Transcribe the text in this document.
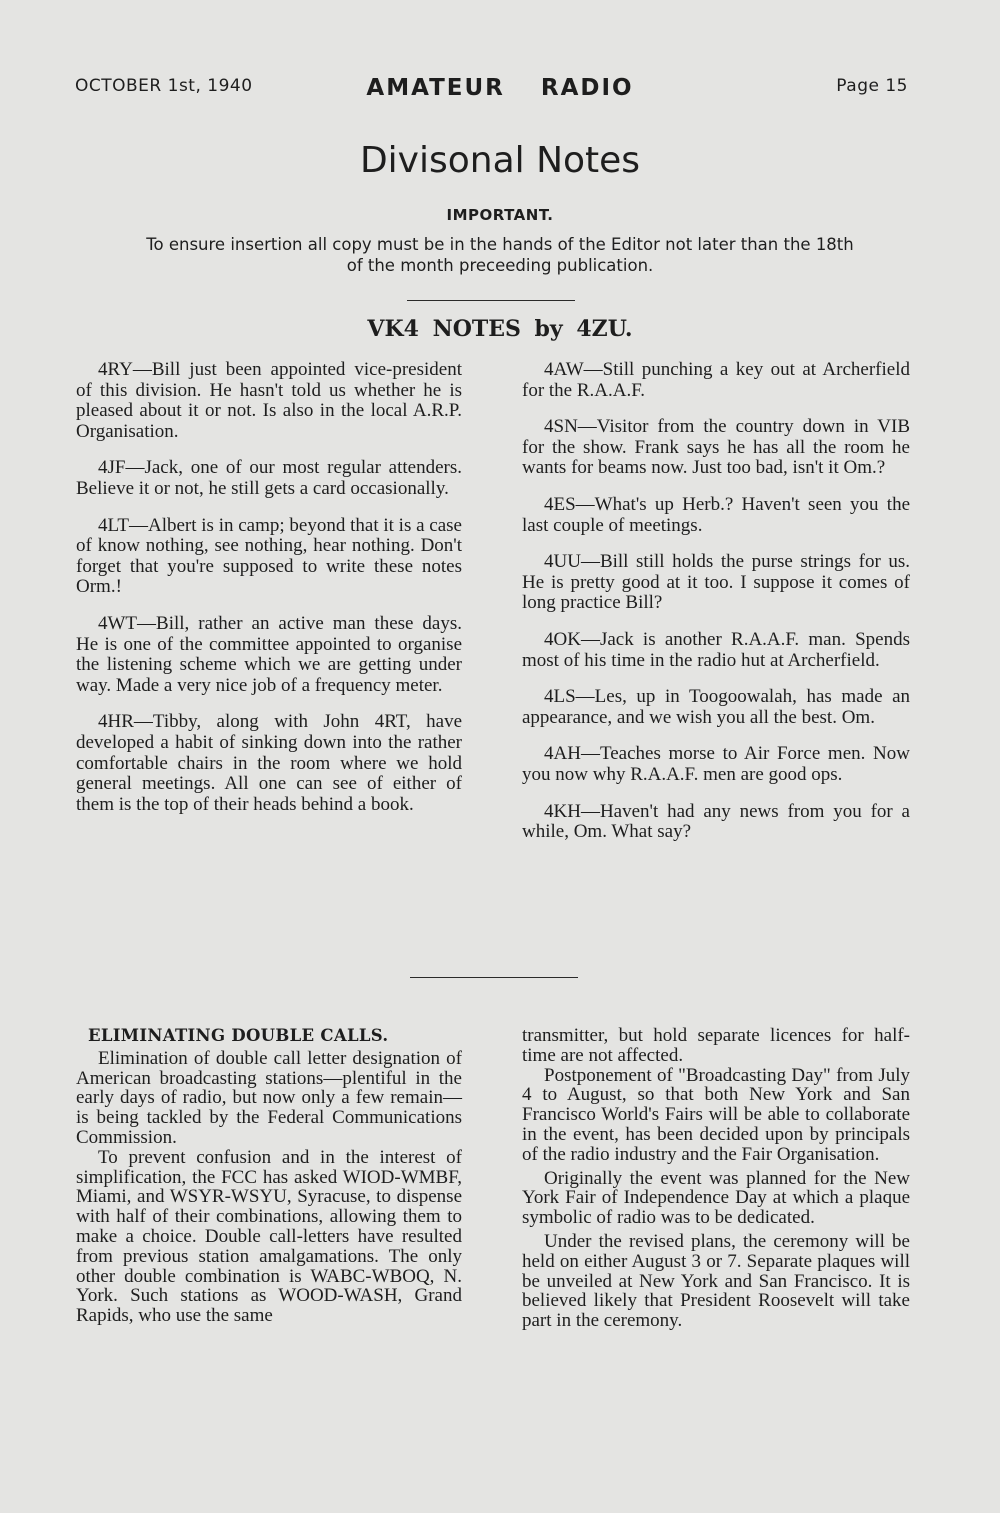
OCTOBER 1st, 1940	AMATEUR RADIO	Page 15
Divisonal Notes
IMPORTANT.
To ensure insertion all copy must be in the hands of the Editor not later than the 18th of the month preceeding publication.
VK4 NOTES by 4ZU.

4RY—Bill just been appointed vice-president of this division. He hasn't told us whether he is pleased about it or not. Is also in the local A.R.P. Organisation.

4JF—Jack, one of our most regular attenders. Believe it or not, he still gets a card occasionally.

4LT—Albert is in camp; beyond that it is a case of know nothing, see nothing, hear nothing. Don't forget that you're supposed to write these notes Orm.!

4WT—Bill, rather an active man these days. He is one of the committee appointed to organise the listening scheme which we are getting under way. Made a very nice job of a frequency meter.

4HR—Tibby, along with John 4RT, have developed a habit of sinking down into the rather comfortable chairs in the room where we hold general meetings. All one can see of either of them is the top of their heads behind a book.

4AW—Still punching a key out at Archerfield for the R.A.A.F.

4SN—Visitor from the country down in VIB for the show. Frank says he has all the room he wants for beams now. Just too bad, isn't it Om.?

4ES—What's up Herb.? Haven't seen you the last couple of meetings.

4UU—Bill still holds the purse strings for us. He is pretty good at it too. I suppose it comes of long practice Bill?

4OK—Jack is another R.A.A.F. man. Spends most of his time in the radio hut at Archerfield.

4LS—Les, up in Toogoowalah, has made an appearance, and we wish you all the best. Om.

4AH—Teaches morse to Air Force men. Now you now why R.A.A.F. men are good ops.

4KH—Haven't had any news from you for a while, Om. What say?

ELIMINATING DOUBLE CALLS.

Elimination of double call letter designation of American broadcasting stations—plentiful in the early days of radio, but now only a few remain—is being tackled by the Federal Communications Commission.

To prevent confusion and in the interest of simplification, the FCC has asked WIOD-WMBF, Miami, and WSYR-WSYU, Syracuse, to dispense with half of their combinations, allowing them to make a choice. Double call-letters have resulted from previous station amalgamations. The only other double combination is WABC-WBOQ, N. York. Such stations as WOOD-WASH, Grand Rapids, who use the same

transmitter, but hold separate licences for half-time are not affected.

Postponement of "Broadcasting Day" from July 4 to August, so that both New York and San Francisco World's Fairs will be able to collaborate in the event, has been decided upon by principals of the radio industry and the Fair Organisation.

Originally the event was planned for the New York Fair of Independence Day at which a plaque symbolic of radio was to be dedicated.

Under the revised plans, the ceremony will be held on either August 3 or 7. Separate plaques will be unveiled at New York and San Francisco. It is believed likely that President Roosevelt will take part in the ceremony.
